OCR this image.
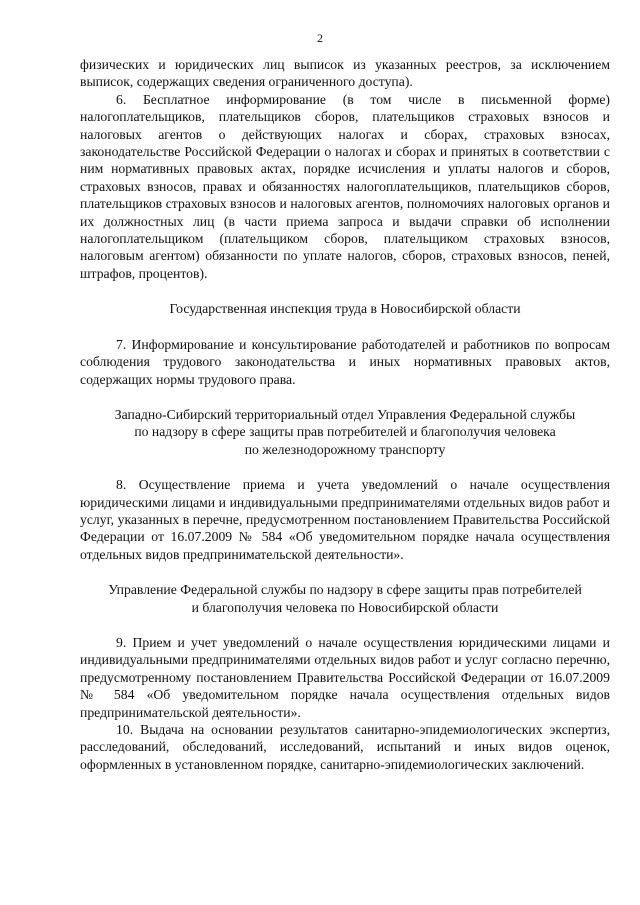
2

физических и юридических лиц выписок из указанных реестров, за исключением выписок, содержащих сведения ограниченного доступа).

6. Бесплатное информирование (в том числе в письменной форме) налогоплательщиков, плательщиков сборов, плательщиков страховых взносов и налоговых агентов о действующих налогах и сборах, страховых взносах, законодательстве Российской Федерации о налогах и сборах и принятых в соответствии с ним нормативных правовых актах, порядке исчисления и уплаты налогов и сборов, страховых взносов, правах и обязанностях налогоплательщиков, плательщиков сборов, плательщиков страховых взносов и налоговых агентов, полномочиях налоговых органов и их должностных лиц (в части приема запроса и выдачи справки об исполнении налогоплательщиком (плательщиком сборов, плательщиком страховых взносов, налоговым агентом) обязанности по уплате налогов, сборов, страховых взносов, пеней, штрафов, процентов).

Государственная инспекция труда в Новосибирской области

7. Информирование и консультирование работодателей и работников по вопросам соблюдения трудового законодательства и иных нормативных правовых актов, содержащих нормы трудового права.

Западно-Сибирский территориальный отдел Управления Федеральной службы
по надзору в сфере защиты прав потребителей и благополучия человека
по железнодорожному транспорту

8. Осуществление приема и учета уведомлений о начале осуществления юридическими лицами и индивидуальными предпринимателями отдельных видов работ и услуг, указанных в перечне, предусмотренном постановлением Правительства Российской Федерации от 16.07.2009 № 584 «Об уведомительном порядке начала осуществления отдельных видов предпринимательской деятельности».

Управление Федеральной службы по надзору в сфере защиты прав потребителей
и благополучия человека по Новосибирской области

9. Прием и учет уведомлений о начале осуществления юридическими лицами и индивидуальными предпринимателями отдельных видов работ и услуг согласно перечню, предусмотренному постановлением Правительства Российской Федерации от 16.07.2009 № 584 «Об уведомительном порядке начала осуществления отдельных видов предпринимательской деятельности».

10. Выдача на основании результатов санитарно-эпидемиологических экспертиз, расследований, обследований, исследований, испытаний и иных видов оценок, оформленных в установленном порядке, санитарно-эпидемиологических заключений.
